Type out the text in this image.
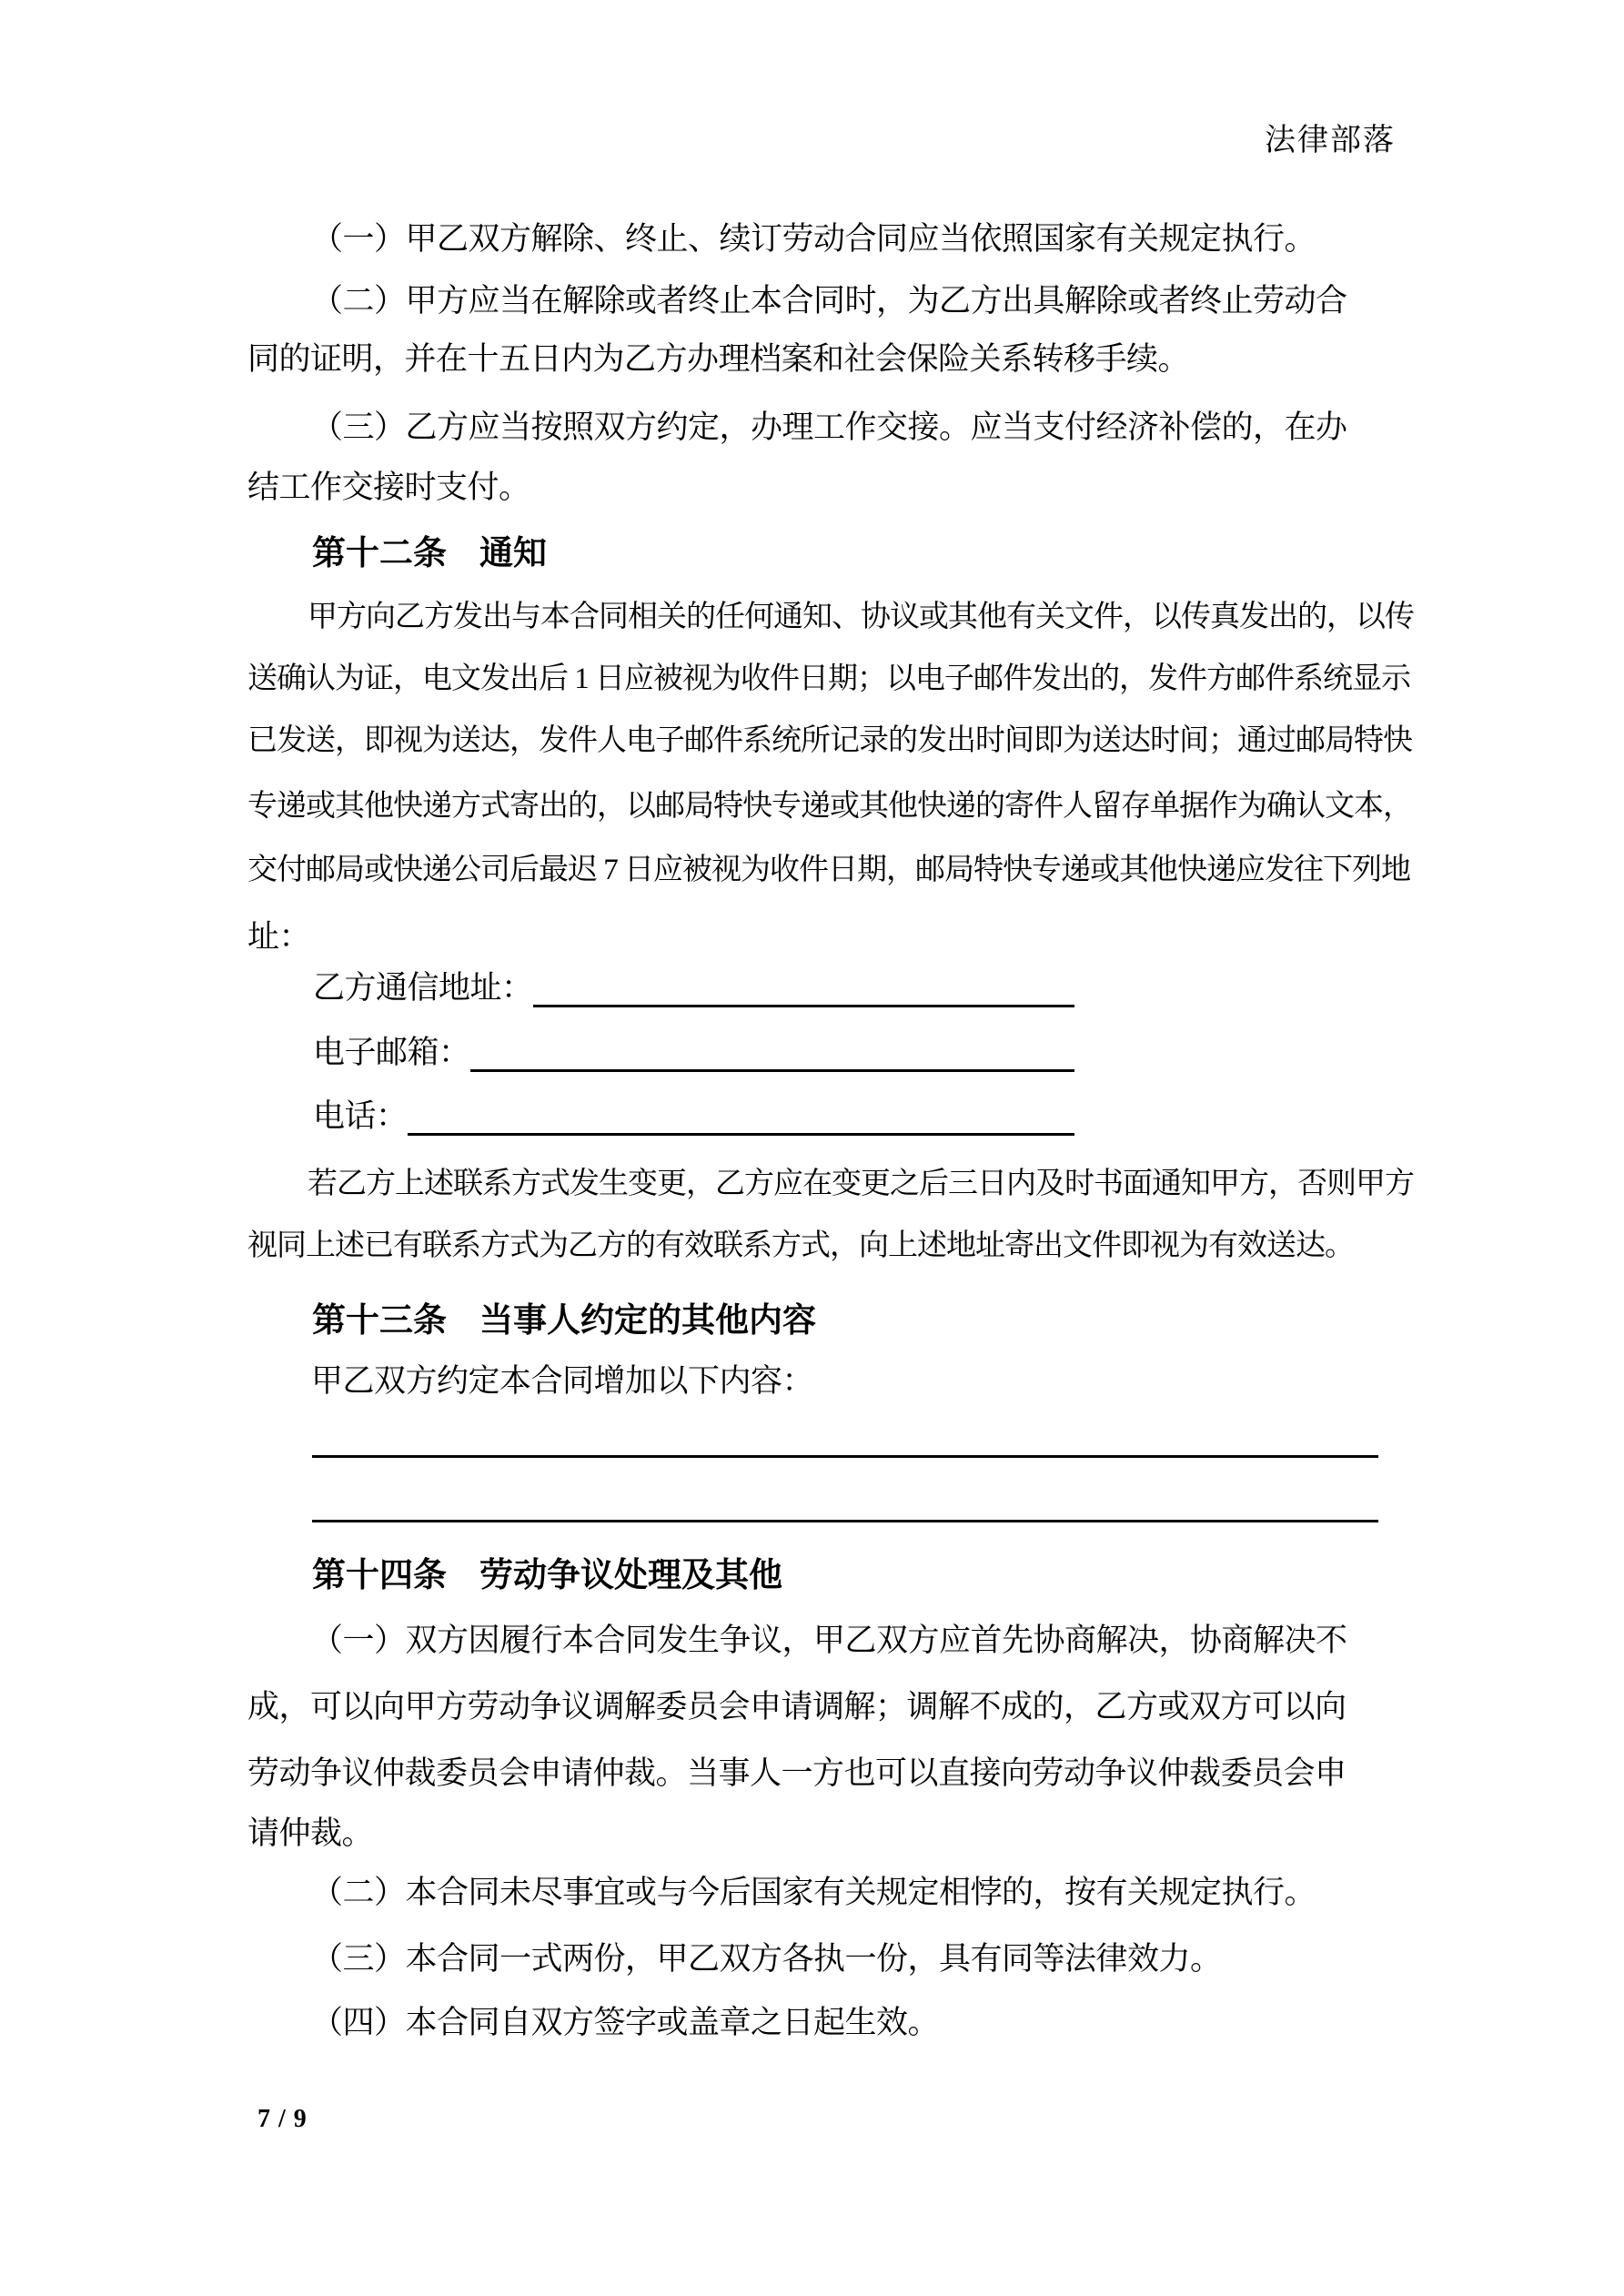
法律部落
（一）甲乙双方解除、终止、续订劳动合同应当依照国家有关规定执行。
（二）甲方应当在解除或者终止本合同时，为乙方出具解除或者终止劳动合
同的证明，并在十五日内为乙方办理档案和社会保险关系转移手续。
（三）乙方应当按照双方约定，办理工作交接。应当支付经济补偿的，在办
结工作交接时支付。
第十二条 通知
甲方向乙方发出与本合同相关的任何通知、协议或其他有关文件，以传真发出的，以传
送确认为证，电文发出后 1 日应被视为收件日期；以电子邮件发出的，发件方邮件系统显示
已发送，即视为送达，发件人电子邮件系统所记录的发出时间即为送达时间；通过邮局特快
专递或其他快递方式寄出的，以邮局特快专递或其他快递的寄件人留存单据作为确认文本，
交付邮局或快递公司后最迟 7 日应被视为收件日期，邮局特快专递或其他快递应发往下列地
址：
乙方通信地址：
电子邮箱：
电话：
若乙方上述联系方式发生变更，乙方应在变更之后三日内及时书面通知甲方，否则甲方
视同上述已有联系方式为乙方的有效联系方式，向上述地址寄出文件即视为有效送达。
第十三条 当事人约定的其他内容
甲乙双方约定本合同增加以下内容：
第十四条 劳动争议处理及其他
（一）双方因履行本合同发生争议，甲乙双方应首先协商解决，协商解决不
成，可以向甲方劳动争议调解委员会申请调解；调解不成的，乙方或双方可以向
劳动争议仲裁委员会申请仲裁。当事人一方也可以直接向劳动争议仲裁委员会申
请仲裁。
（二）本合同未尽事宜或与今后国家有关规定相悖的，按有关规定执行。
（三）本合同一式两份，甲乙双方各执一份，具有同等法律效力。
（四）本合同自双方签字或盖章之日起生效。
7 / 9
